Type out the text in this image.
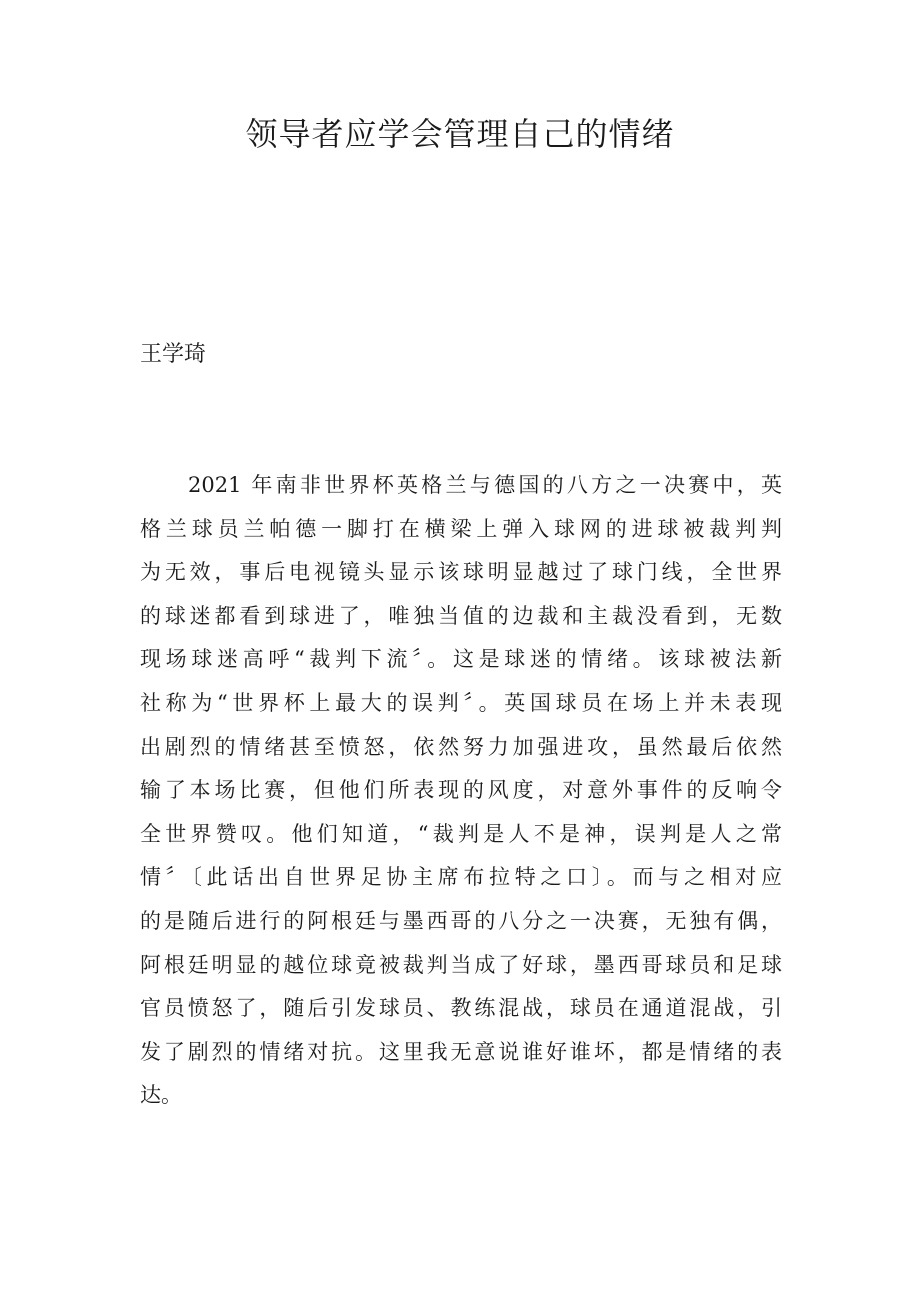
领导者应学会管理自己的情绪
王学琦
2021 年南非世界杯英格兰与德国的八方之一决赛中，英
格兰球员兰帕德一脚打在横梁上弹入球网的进球被裁判判
为无效，事后电视镜头显示该球明显越过了球门线，全世界
的球迷都看到球进了，唯独当值的边裁和主裁没看到，无数
现场球迷高呼“裁判下流〞。这是球迷的情绪。该球被法新
社称为“世界杯上最大的误判〞。英国球员在场上并未表现
出剧烈的情绪甚至愤怒，依然努力加强进攻，虽然最后依然
输了本场比赛，但他们所表现的风度，对意外事件的反响令
全世界赞叹。他们知道，“裁判是人不是神，误判是人之常
情〞〔此话出自世界足协主席布拉特之口〕。而与之相对应
的是随后进行的阿根廷与墨西哥的八分之一决赛，无独有偶，
阿根廷明显的越位球竟被裁判当成了好球，墨西哥球员和足球
官员愤怒了，随后引发球员、教练混战，球员在通道混战，引
发了剧烈的情绪对抗。这里我无意说谁好谁坏，都是情绪的表
达。
